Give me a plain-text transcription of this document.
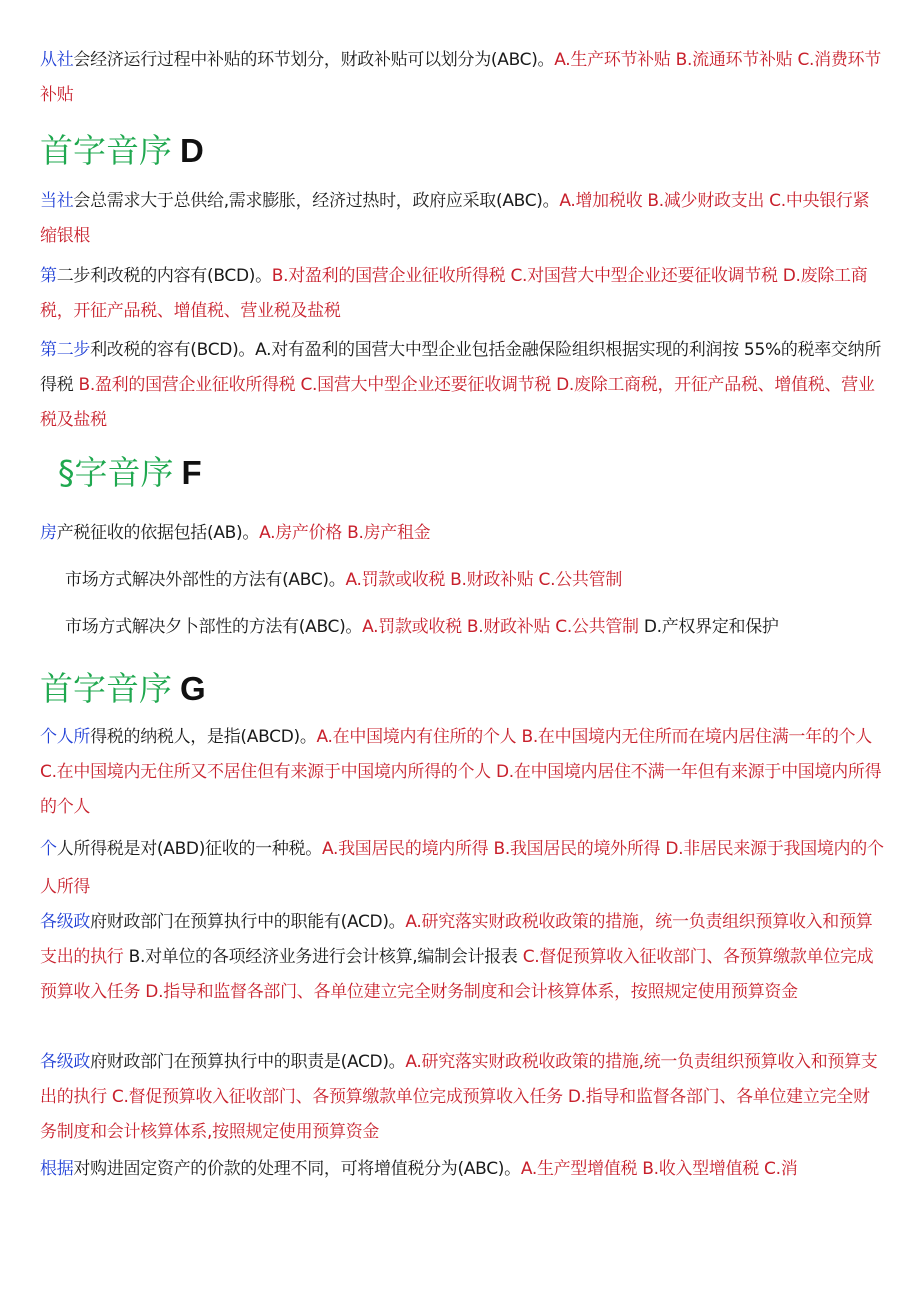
从社会经济运行过程中补贴的环节划分，财政补贴可以划分为(ABC)。A.生产环节补贴 B.流通环节补贴 C.消费环节补贴
首字音序 D
当社会总需求大于总供给,需求膨胀，经济过热时，政府应采取(ABC)。A.增加税收 B.减少财政支出 C.中央银行紧缩银根
第二步利改税的内容有(BCD)。B.对盈利的国营企业征收所得税 C.对国营大中型企业还要征收调节税 D.废除工商税，开征产品税、增值税、营业税及盐税
第二步利改税的容有(BCD)。A.对有盈利的国营大中型企业包括金融保险组织根据实现的利润按 55%的税率交纳所得税 B.盈利的国营企业征收所得税 C.国营大中型企业还要征收调节税 D.废除工商税，开征产品税、增值税、营业税及盐税
§字音序 F
房产税征收的依据包括(AB)。A.房产价格 B.房产租金
市场方式解决外部性的方法有(ABC)。A.罚款或收税 B.财政补贴 C.公共管制
市场方式解决夕卜部性的方法有(ABC)。A.罚款或收税 B.财政补贴 C.公共管制 D.产权界定和保护
首字音序 G
个人所得税的纳税人，是指(ABCD)。A.在中国境内有住所的个人 B.在中国境内无住所而在境内居住满一年的个人 C.在中国境内无住所又不居住但有来源于中国境内所得的个人 D.在中国境内居住不满一年但有来源于中国境内所得的个人
个人所得税是对(ABD)征收的一种税。A.我国居民的境内所得 B.我国居民的境外所得 D.非居民来源于我国境内的个人所得
各级政府财政部门在预算执行中的职能有(ACD)。A.研究落实财政税收政策的措施，统一负责组织预算收入和预算支出的执行 B.对单位的各项经济业务进行会计核算,编制会计报表 C.督促预算收入征收部门、各预算缴款单位完成预算收入任务 D.指导和监督各部门、各单位建立完全财务制度和会计核算体系，按照规定使用预算资金
各级政府财政部门在预算执行中的职责是(ACD)。A.研究落实财政税收政策的措施,统一负责组织预算收入和预算支出的执行 C.督促预算收入征收部门、各预算缴款单位完成预算收入任务 D.指导和监督各部门、各单位建立完全财务制度和会计核算体系,按照规定使用预算资金
根据对购进固定资产的价款的处理不同，可将增值税分为(ABC)。A.生产型增值税 B.收入型增值税 C.消
